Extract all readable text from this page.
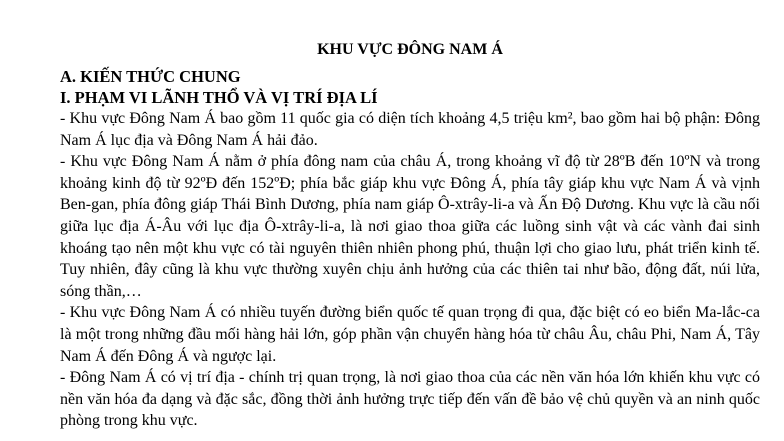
KHU VỰC ĐÔNG NAM Á
A. KIẾN THỨC CHUNG
I. PHẠM VI LÃNH THỔ VÀ VỊ TRÍ ĐỊA LÍ

- Khu vực Đông Nam Á bao gồm 11 quốc gia có diện tích khoảng 4,5 triệu km², bao gồm hai bộ phận: Đông Nam Á lục địa và Đông Nam Á hải đảo.

- Khu vực Đông Nam Á nằm ở phía đông nam của châu Á, trong khoảng vĩ độ từ 28ºB đến 10ºN và trong khoảng kinh độ từ 92ºĐ đến 152ºĐ; phía bắc giáp khu vực Đông Á, phía tây giáp khu vực Nam Á và vịnh Ben-gan, phía đông giáp Thái Bình Dương, phía nam giáp Ô-xtrây-li-a và Ấn Độ Dương. Khu vực là cầu nối giữa lục địa Á-Âu với lục địa Ô-xtrây-li-a, là nơi giao thoa giữa các luồng sinh vật và các vành đai sinh khoáng tạo nên một khu vực có tài nguyên thiên nhiên phong phú, thuận lợi cho giao lưu, phát triển kinh tế. Tuy nhiên, đây cũng là khu vực thường xuyên chịu ảnh hưởng của các thiên tai như bão, động đất, núi lửa, sóng thần,…

- Khu vực Đông Nam Á có nhiều tuyến đường biển quốc tế quan trọng đi qua, đặc biệt có eo biển Ma-lắc-ca là một trong những đầu mối hàng hải lớn, góp phần vận chuyển hàng hóa từ châu Âu, châu Phi, Nam Á, Tây Nam Á đến Đông Á và ngược lại.

- Đông Nam Á có vị trí địa - chính trị quan trọng, là nơi giao thoa của các nền văn hóa lớn khiến khu vực có nền văn hóa đa dạng và đặc sắc, đồng thời ảnh hưởng trực tiếp đến vấn đề bảo vệ chủ quyền và an ninh quốc phòng trong khu vực.
